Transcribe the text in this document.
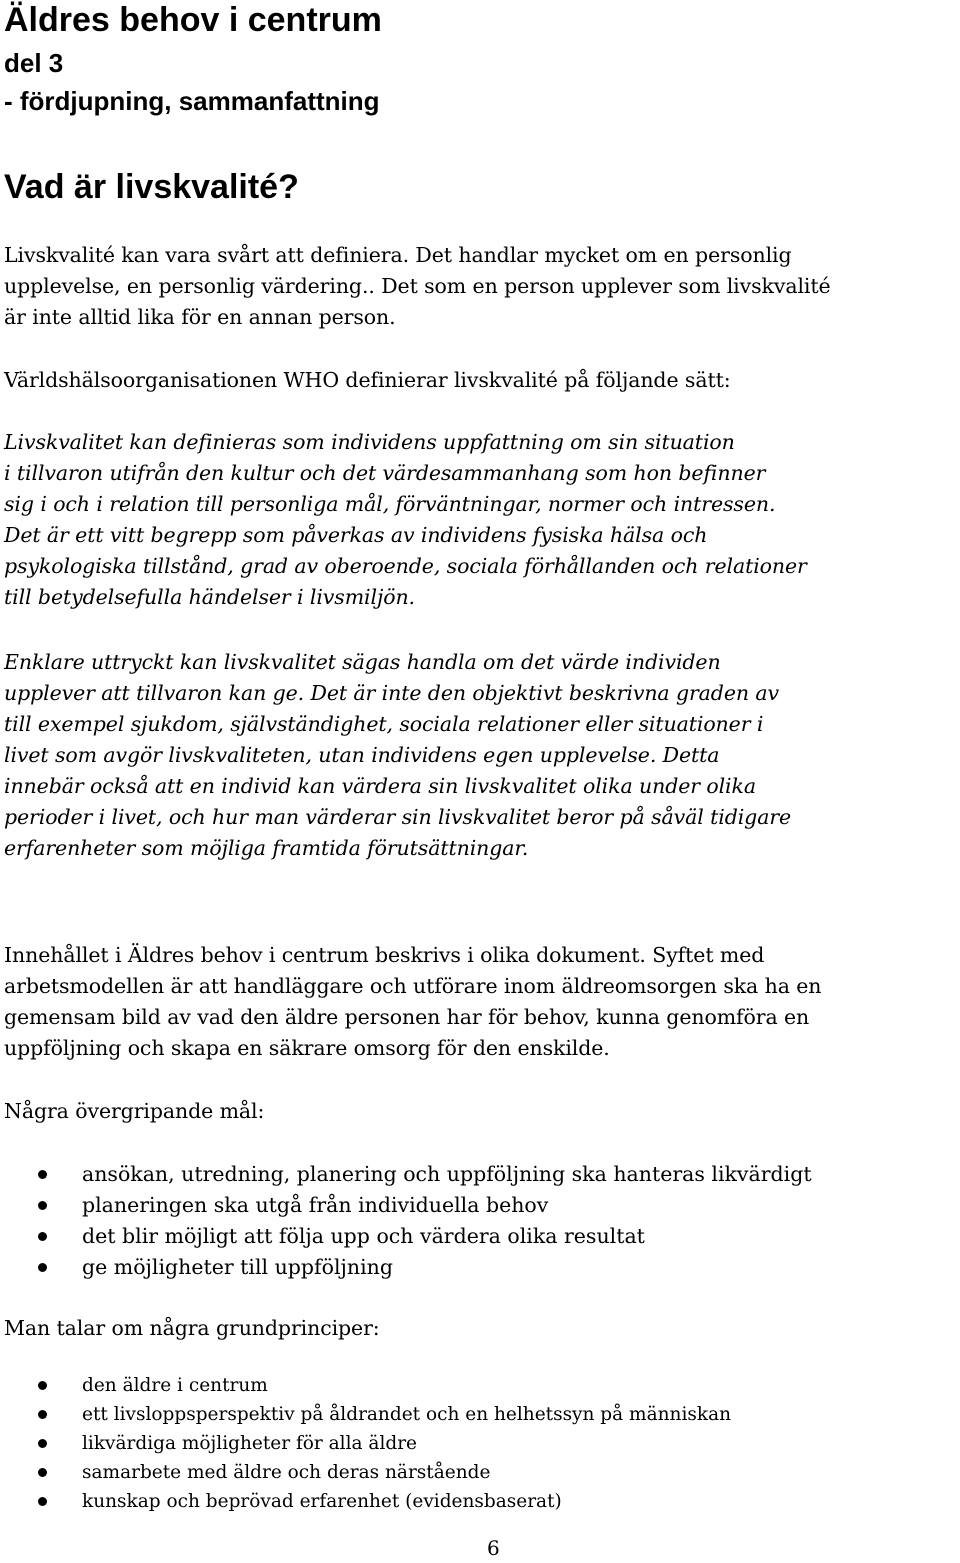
Äldres behov i centrum
del 3
- fördjupning, sammanfattning
Vad är livskvalité?

Livskvalité kan vara svårt att definiera. Det handlar mycket om en personlig
upplevelse, en personlig värdering.. Det som en person upplever som livskvalité
är inte alltid lika för en annan person.

Världshälsoorganisationen WHO definierar livskvalité på följande sätt:

Livskvalitet kan definieras som individens uppfattning om sin situation
i tillvaron utifrån den kultur och det värdesammanhang som hon befinner
sig i och i relation till personliga mål, förväntningar, normer och intressen.
Det är ett vitt begrepp som påverkas av individens fysiska hälsa och
psykologiska tillstånd, grad av oberoende, sociala förhållanden och relationer
till betydelsefulla händelser i livsmiljön.

Enklare uttryckt kan livskvalitet sägas handla om det värde individen
upplever att tillvaron kan ge. Det är inte den objektivt beskrivna graden av
till exempel sjukdom, självständighet, sociala relationer eller situationer i
livet som avgör livskvaliteten, utan individens egen upplevelse. Detta
innebär också att en individ kan värdera sin livskvalitet olika under olika
perioder i livet, och hur man värderar sin livskvalitet beror på såväl tidigare
erfarenheter som möjliga framtida förutsättningar.

Innehållet i Äldres behov i centrum beskrivs i olika dokument. Syftet med
arbetsmodellen är att handläggare och utförare inom äldreomsorgen ska ha en
gemensam bild av vad den äldre personen har för behov, kunna genomföra en
uppföljning och skapa en säkrare omsorg för den enskilde.

Några övergripande mål:

ansökan, utredning, planering och uppföljning ska hanteras likvärdigt
planeringen ska utgå från individuella behov
det blir möjligt att följa upp och värdera olika resultat
ge möjligheter till uppföljning

Man talar om några grundprinciper:

den äldre i centrum
ett livsloppsperspektiv på åldrandet och en helhetssyn på människan
likvärdiga möjligheter för alla äldre
samarbete med äldre och deras närstående
kunskap och beprövad erfarenhet (evidensbaserat)
6
